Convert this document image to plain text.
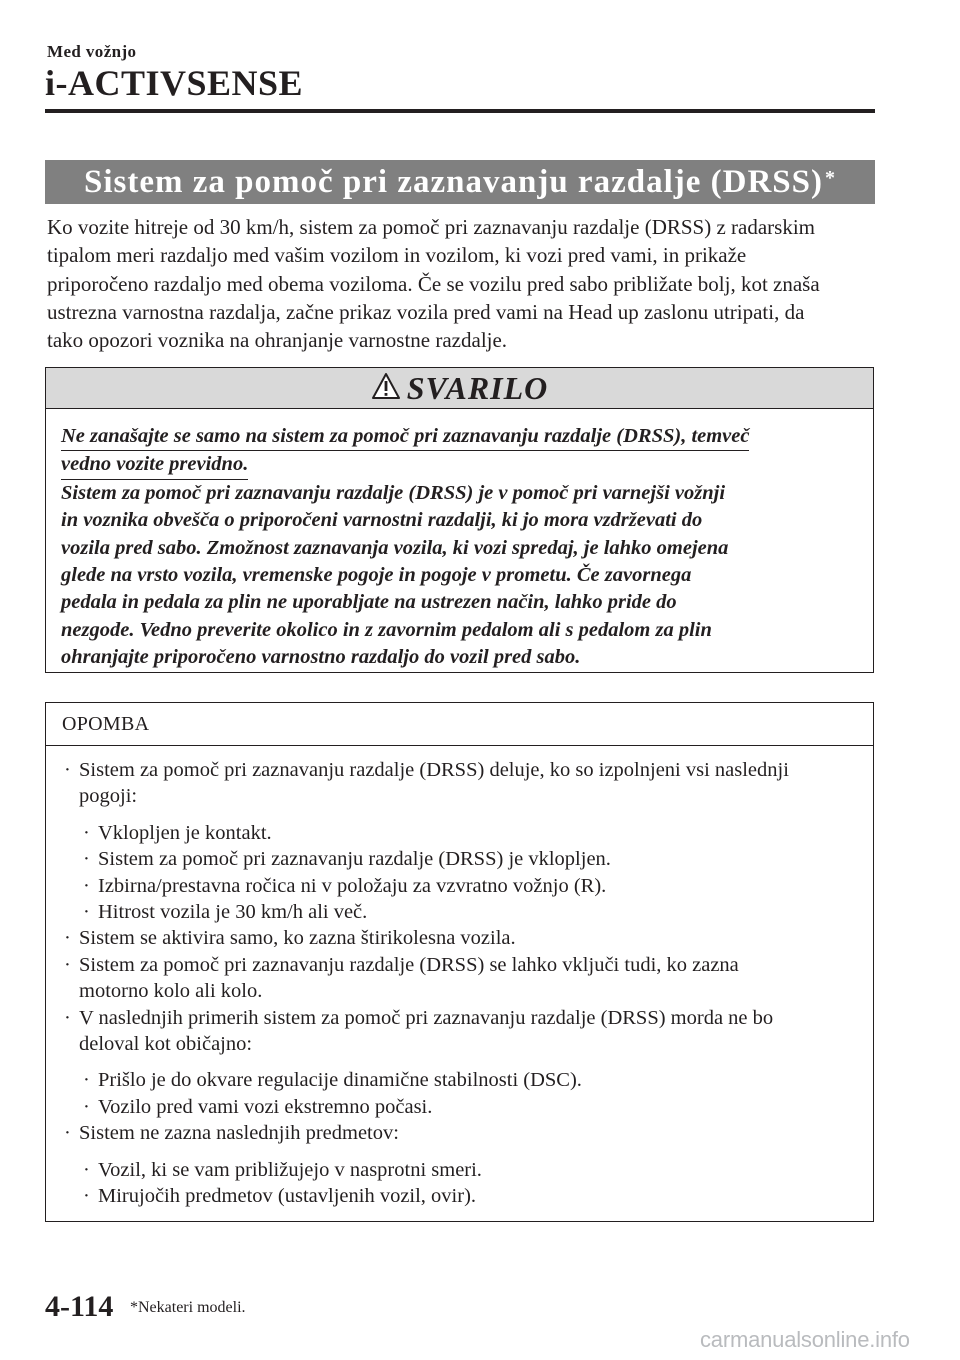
Med vožnjo
i-ACTIVSENSE
Sistem za pomoč pri zaznavanju razdalje (DRSS)*
Ko vozite hitreje od 30 km/h, sistem za pomoč pri zaznavanju razdalje (DRSS) z radarskim
tipalom meri razdaljo med vašim vozilom in vozilom, ki vozi pred vami, in prikaže
priporočeno razdaljo med obema voziloma. Če se vozilu pred sabo približate bolj, kot znaša
ustrezna varnostna razdalja, začne prikaz vozila pred vami na Head up zaslonu utripati, da
tako opozori voznika na ohranjanje varnostne razdalje.
SVARILO
Ne zanašajte se samo na sistem za pomoč pri zaznavanju razdalje (DRSS), temveč
vedno vozite previdno.
Sistem za pomoč pri zaznavanju razdalje (DRSS) je v pomoč pri varnejši vožnji
in voznika obvešča o priporočeni varnostni razdalji, ki jo mora vzdrževati do
vozila pred sabo. Zmožnost zaznavanja vozila, ki vozi spredaj, je lahko omejena
glede na vrsto vozila, vremenske pogoje in pogoje v prometu. Če zavornega
pedala in pedala za plin ne uporabljate na ustrezen način, lahko pride do
nezgode. Vedno preverite okolico in z zavornim pedalom ali s pedalom za plin
ohranjajte priporočeno varnostno razdaljo do vozil pred sabo.
OPOMBA
· Sistem za pomoč pri zaznavanju razdalje (DRSS) deluje, ko so izpolnjeni vsi naslednji
pogoji:
· Vklopljen je kontakt.
· Sistem za pomoč pri zaznavanju razdalje (DRSS) je vklopljen.
· Izbirna/prestavna ročica ni v položaju za vzvratno vožnjo (R).
· Hitrost vozila je 30 km/h ali več.
· Sistem se aktivira samo, ko zazna štirikolesna vozila.
· Sistem za pomoč pri zaznavanju razdalje (DRSS) se lahko vključi tudi, ko zazna
motorno kolo ali kolo.
· V naslednjih primerih sistem za pomoč pri zaznavanju razdalje (DRSS) morda ne bo
deloval kot običajno:
· Prišlo je do okvare regulacije dinamične stabilnosti (DSC).
· Vozilo pred vami vozi ekstremno počasi.
· Sistem ne zazna naslednjih predmetov:
· Vozil, ki se vam približujejo v nasprotni smeri.
· Mirujočih predmetov (ustavljenih vozil, ovir).
4-114 *Nekateri modeli.
carmanualsonline.info
